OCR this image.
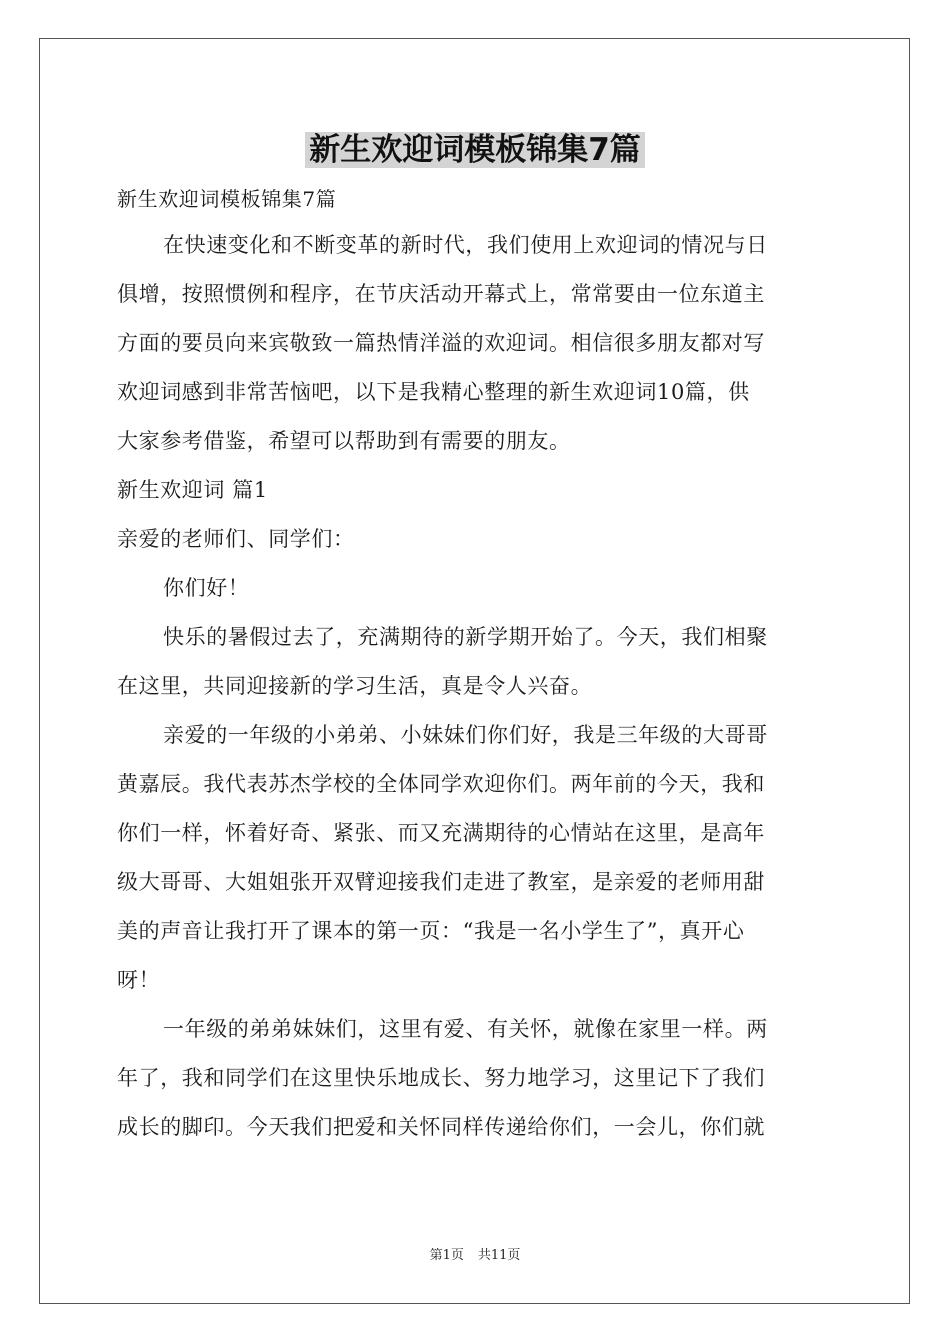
新生欢迎词模板锦集7篇
新生欢迎词模板锦集7篇
在快速变化和不断变革的新时代，我们使用上欢迎词的情况与日
俱增，按照惯例和程序，在节庆活动开幕式上，常常要由一位东道主
方面的要员向来宾敬致一篇热情洋溢的欢迎词。相信很多朋友都对写
欢迎词感到非常苦恼吧，以下是我精心整理的新生欢迎词10篇，供
大家参考借鉴，希望可以帮助到有需要的朋友。
新生欢迎词 篇1
亲爱的老师们、同学们：
你们好！
快乐的暑假过去了，充满期待的新学期开始了。今天，我们相聚
在这里，共同迎接新的学习生活，真是令人兴奋。
亲爱的一年级的小弟弟、小妹妹们你们好，我是三年级的大哥哥
黄嘉辰。我代表苏杰学校的全体同学欢迎你们。两年前的今天，我和
你们一样，怀着好奇、紧张、而又充满期待的心情站在这里，是高年
级大哥哥、大姐姐张开双臂迎接我们走进了教室，是亲爱的老师用甜
美的声音让我打开了课本的第一页：“我是一名小学生了”，真开心
呀！
一年级的弟弟妹妹们，这里有爱、有关怀，就像在家里一样。两
年了，我和同学们在这里快乐地成长、努力地学习，这里记下了我们
成长的脚印。今天我们把爱和关怀同样传递给你们，一会儿，你们就
第1页 共11页
